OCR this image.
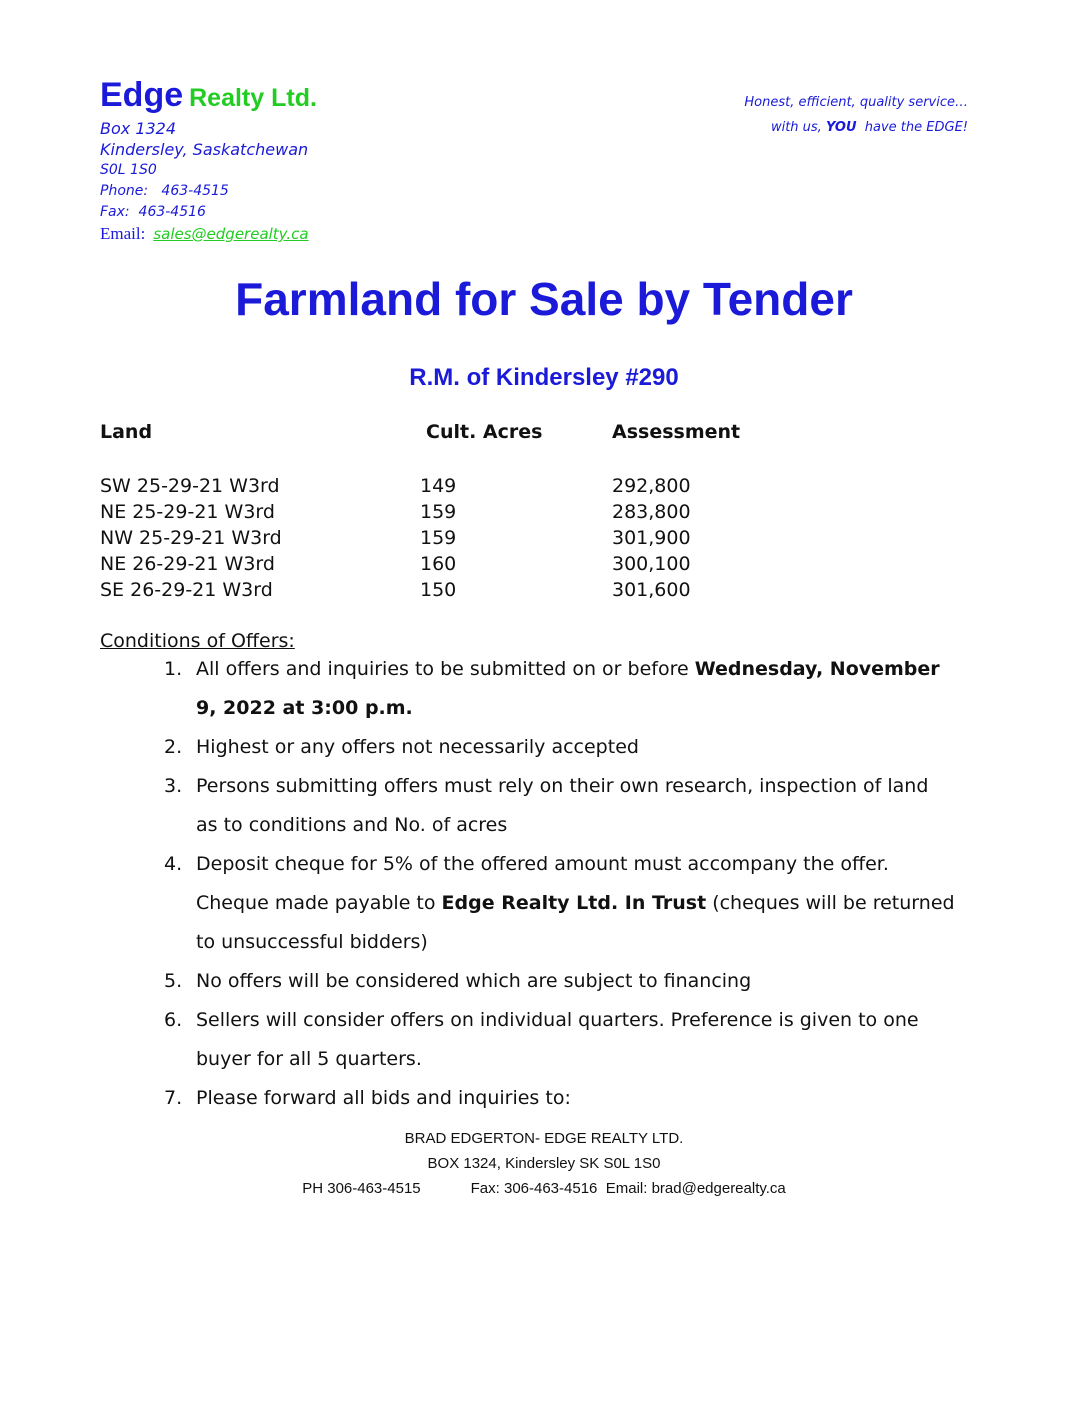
Edge Realty Ltd.
Box 1324
Kindersley, Saskatchewan
S0L 1S0
Phone:   463-4515
Fax:  463-4516
Email: sales@edgerealty.ca
Honest, efficient, quality service…
with us, YOU  have the EDGE!
Farmland for Sale by Tender
R.M. of Kindersley #290
Land	Cult. Acres	Assessment
SW 25-29-21 W3rd	149	292,800
NE 25-29-21 W3rd	159	283,800
NW 25-29-21 W3rd	159	301,900
NE 26-29-21 W3rd	160	300,100
SE 26-29-21 W3rd	150	301,600
Conditions of Offers:
1. All offers and inquiries to be submitted on or before Wednesday, November
9, 2022 at 3:00 p.m.
2. Highest or any offers not necessarily accepted
3. Persons submitting offers must rely on their own research, inspection of land
as to conditions and No. of acres
4. Deposit cheque for 5% of the offered amount must accompany the offer.
Cheque made payable to Edge Realty Ltd. In Trust (cheques will be returned
to unsuccessful bidders)
5. No offers will be considered which are subject to financing
6. Sellers will consider offers on individual quarters. Preference is given to one
buyer for all 5 quarters.
7. Please forward all bids and inquiries to:
BRAD EDGERTON- EDGE REALTY LTD.
BOX 1324, Kindersley SK S0L 1S0
PH 306-463-4515	Fax: 306-463-4516  Email: brad@edgerealty.ca
